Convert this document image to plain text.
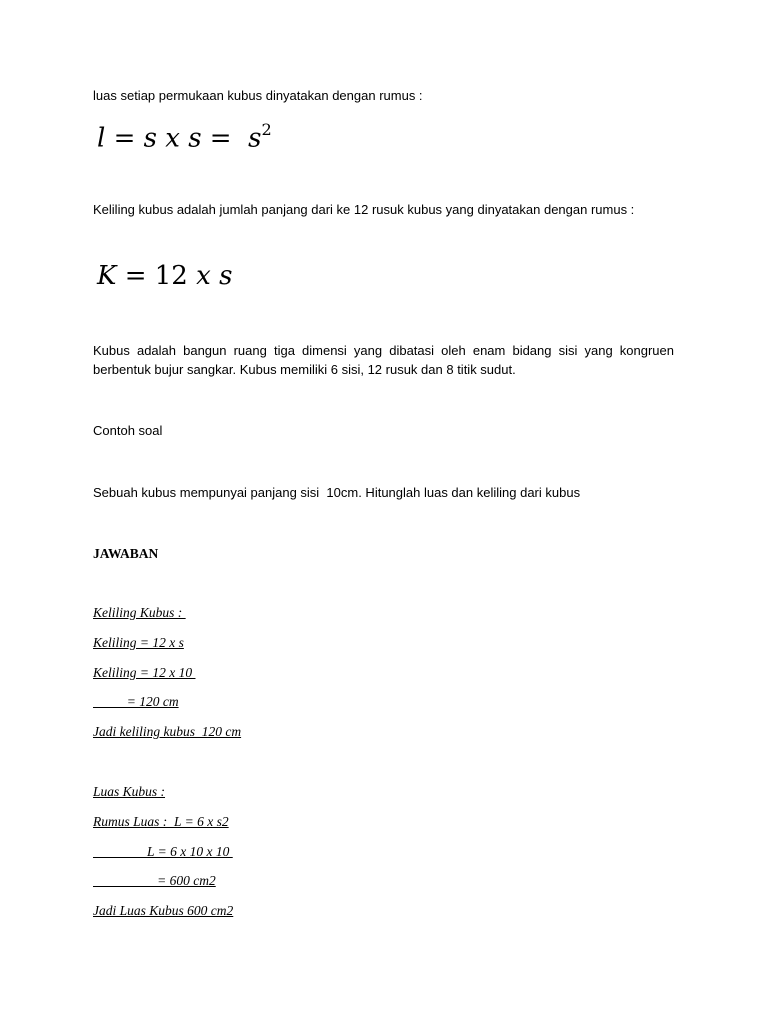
luas setiap permukaan kubus dinyatakan dengan rumus :
l = s x $s = s^2$
Keliling kubus adalah jumlah panjang dari ke 12 rusuk kubus yang dinyatakan dengan rumus :
K = 12 x s
Kubus adalah bangun ruang tiga dimensi yang dibatasi oleh enam bidang sisi yang kongruen berbentuk bujur sangkar. Kubus memiliki 6 sisi, 12 rusuk dan 8 titik sudut.
Contoh soal
Sebuah kubus mempunyai panjang sisi  10cm. Hitunglah luas dan keliling dari kubus
JAWABAN
Keliling Kubus :
Keliling = 12 x s
Keliling = 12 x 10
= 120 cm
Jadi keliling kubus  120 cm
Luas Kubus :
Rumus Luas :  L = 6 x s2
L = 6 x 10 x 10
= 600 cm2
Jadi Luas Kubus 600 cm2
